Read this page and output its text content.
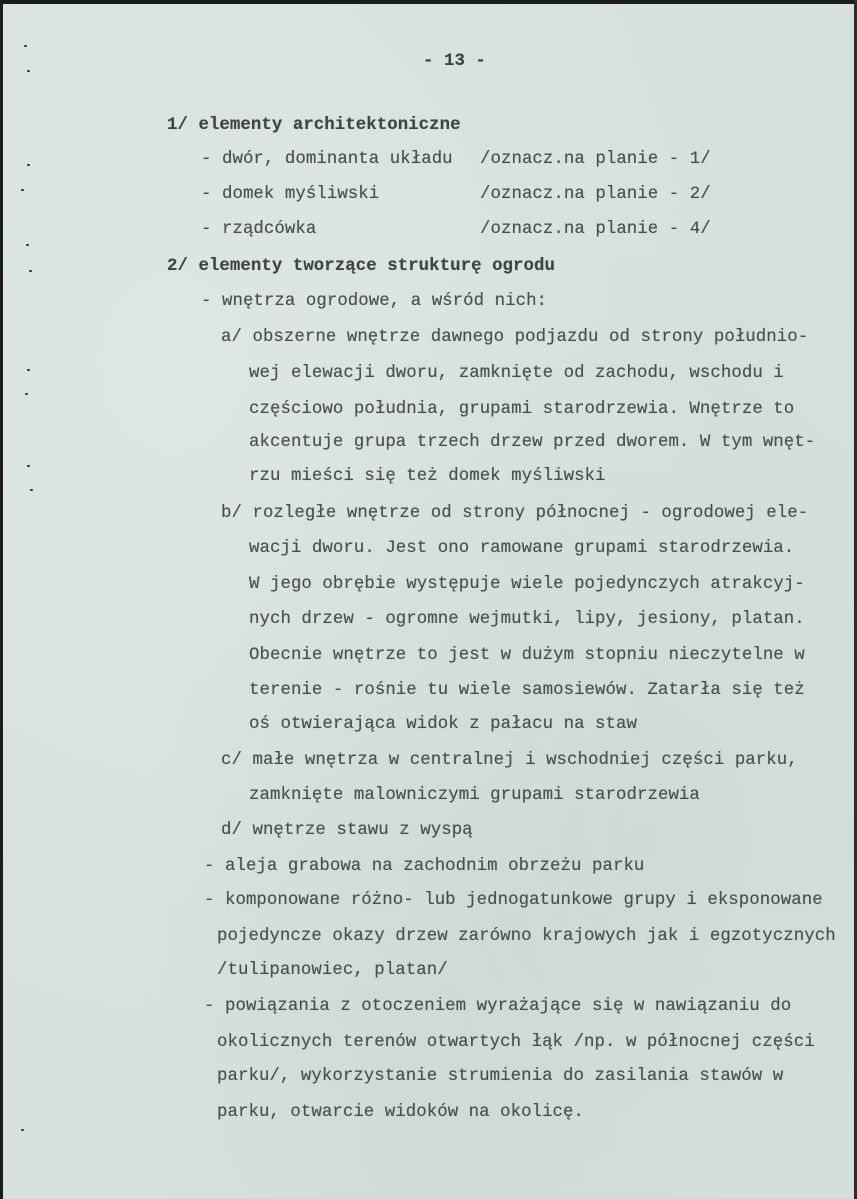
- 13 -
1/ elementy architektoniczne
- dwór, dominanta układu /oznacz.na planie - 1/
- domek myśliwski	/oznacz.na planie - 2/
- rządcówka	/oznacz.na planie - 4/
2/ elementy tworzące strukturę ogrodu
- wnętrza ogrodowe, a wśród nich:
a/ obszerne wnętrze dawnego podjazdu od strony południo-
wej elewacji dworu, zamknięte od zachodu, wschodu i
częściowo południa, grupami starodrzewia. Wnętrze to
akcentuje grupa trzech drzew przed dworem. W tym wnęt-
rzu mieści się też domek myśliwski
b/ rozległe wnętrze od strony północnej - ogrodowej ele-
wacji dworu. Jest ono ramowane grupami starodrzewia.
W jego obrębie występuje wiele pojedynczych atrakcyj-
nych drzew - ogromne wejmutki, lipy, jesiony, platan.
Obecnie wnętrze to jest w dużym stopniu nieczytelne w
terenie - rośnie tu wiele samosiewów. Zatarła się też
oś otwierająca widok z pałacu na staw
c/ małe wnętrza w centralnej i wschodniej części parku,
zamknięte malowniczymi grupami starodrzewia
d/ wnętrze stawu z wyspą
- aleja grabowa na zachodnim obrzeżu parku
- komponowane różno- lub jednogatunkowe grupy i eksponowane
pojedyncze okazy drzew zarówno krajowych jak i egzotycznych
/tulipanowiec, platan/
- powiązania z otoczeniem wyrażające się w nawiązaniu do
okolicznych terenów otwartych łąk /np. w północnej części
parku/, wykorzystanie strumienia do zasilania stawów w
parku, otwarcie widoków na okolicę.
